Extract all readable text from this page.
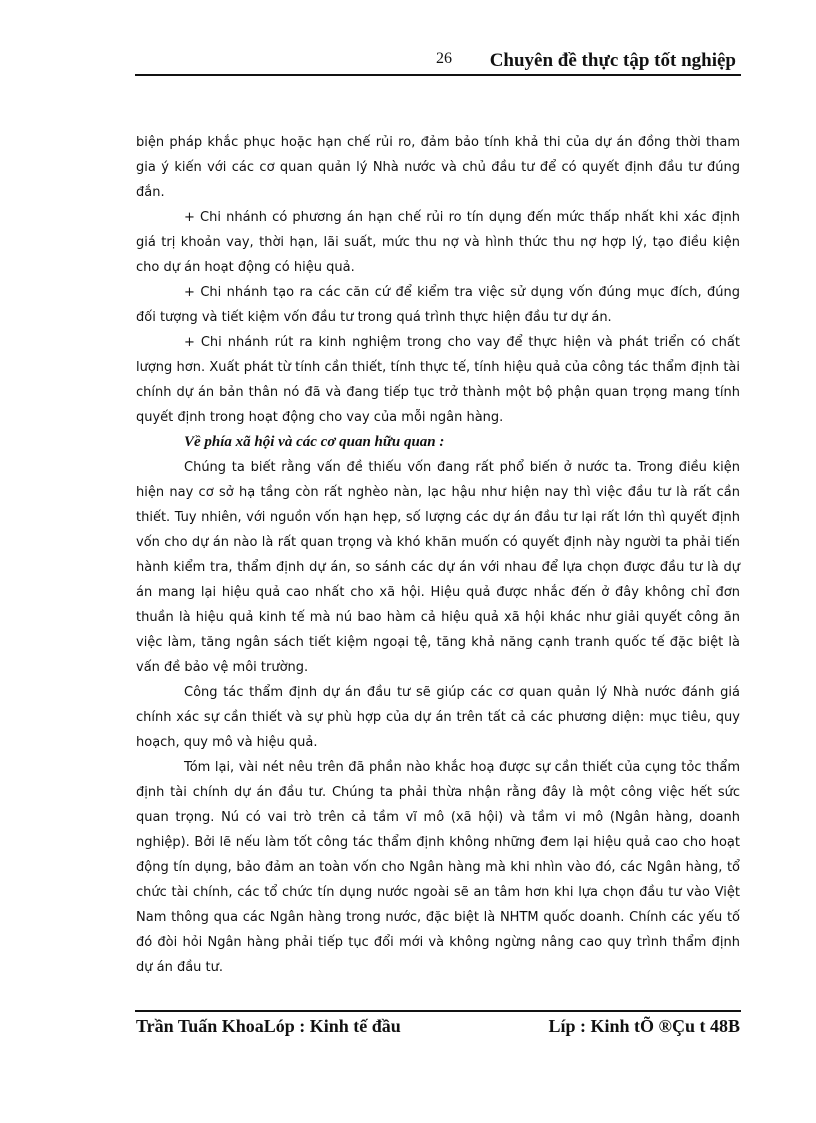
26 Chuyên đề thực tập tốt nghiệp

biện pháp khắc phục hoặc hạn chế rủi ro, đảm bảo tính khả thi của dự án đồng thời tham gia ý kiến với các cơ quan quản lý Nhà nước và chủ đầu tư để có quyết định đầu tư đúng đắn.

+ Chi nhánh có phương án hạn chế rủi ro tín dụng đến mức thấp nhất khi xác định giá trị khoản vay, thời hạn, lãi suất, mức thu nợ và hình thức thu nợ hợp lý, tạo điều kiện cho dự án hoạt động có hiệu quả.

+ Chi nhánh tạo ra các căn cứ để kiểm tra việc sử dụng vốn đúng mục đích, đúng đối tượng và tiết kiệm vốn đầu tư trong quá trình thực hiện đầu tư dự án.

+ Chi nhánh rút ra kinh nghiệm trong cho vay để thực hiện và phát triển có chất lượng hơn. Xuất phát từ tính cần thiết, tính thực tế, tính hiệu quả của công tác thẩm định tài chính dự án bản thân nó đã và đang tiếp tục trở thành một bộ phận quan trọng mang tính quyết định trong hoạt động cho vay của mỗi ngân hàng.

Về phía xã hội và các cơ quan hữu quan :

Chúng ta biết rằng vấn đề thiếu vốn đang rất phổ biến ở nước ta. Trong điều kiện hiện nay cơ sở hạ tầng còn rất nghèo nàn, lạc hậu như hiện nay thì việc đầu tư là rất cần thiết. Tuy nhiên, với nguồn vốn hạn hẹp, số lượng các dự án đầu tư lại rất lớn thì quyết định vốn cho dự án nào là rất quan trọng và khó khăn muốn có quyết định này người ta phải tiến hành kiểm tra, thẩm định dự án, so sánh các dự án với nhau để lựa chọn được đầu tư là dự án mang lại hiệu quả cao nhất cho xã hội. Hiệu quả được nhắc đến ở đây không chỉ đơn thuần là hiệu quả kinh tế mà nú bao hàm cả hiệu quả xã hội khác như giải quyết công ăn việc làm, tăng ngân sách tiết kiệm ngoại tệ, tăng khả năng cạnh tranh quốc tế đặc biệt là vấn đề bảo vệ môi trường.

Công tác thẩm định dự án đầu tư sẽ giúp các cơ quan quản lý Nhà nước đánh giá chính xác sự cần thiết và sự phù hợp của dự án trên tất cả các phương diện: mục tiêu, quy hoạch, quy mô và hiệu quả.

Tóm lại, vài nét nêu trên đã phần nào khắc hoạ được sự cần thiết của cụng tỏc thẩm định tài chính dự án đầu tư. Chúng ta phải thừa nhận rằng đây là một công việc hết sức quan trọng. Nú có vai trò trên cả tầm vĩ mô (xã hội) và tầm vi mô (Ngân hàng, doanh nghiệp). Bởi lẽ nếu làm tốt công tác thẩm định không những đem lại hiệu quả cao cho hoạt động tín dụng, bảo đảm an toàn vốn cho Ngân hàng mà khi nhìn vào đó, các Ngân hàng, tổ chức tài chính, các tổ chức tín dụng nước ngoài sẽ an tâm hơn khi lựa chọn đầu tư vào Việt Nam thông qua các Ngân hàng trong nước, đặc biệt là NHTM quốc doanh. Chính các yếu tố đó đòi hỏi Ngân hàng phải tiếp tục đổi mới và không ngừng nâng cao quy trình thẩm định dự án đầu tư.

Trần Tuấn KhoaLóp : Kinh tế đầu	Líp : Kinh tÕ ®Çu t 48B
